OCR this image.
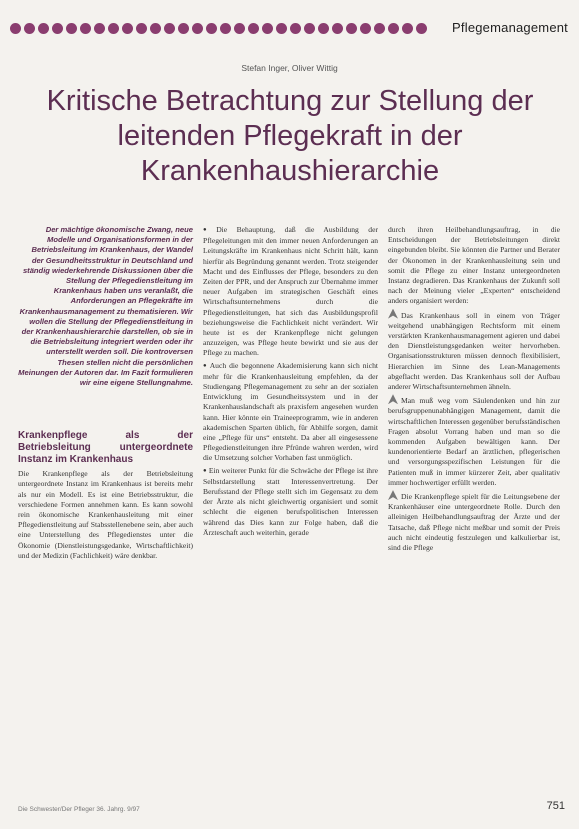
Pflegemanagement
Stefan Inger, Oliver Wittig
Kritische Betrachtung zur Stellung der leitenden Pflegekraft in der Krankenhaushierarchie

Der mächtige ökonomische Zwang, neue Modelle und Organisationsformen in der Betriebsleitung im Krankenhaus, der Wandel der Gesundheitsstruktur in Deutschland und ständig wiederkehrende Diskussionen über die Stellung der Pflegedienstleitung im Krankenhaus haben uns veranlaßt, die Anforderungen an Pflegekräfte im Krankenhausmanagement zu thematisieren. Wir wollen die Stellung der Pflegedienstleitung in der Krankenhaushierarchie darstellen, ob sie in die Betriebsleitung integriert werden oder ihr unterstellt werden soll. Die kontroversen Thesen stellen nicht die persönlichen Meinungen der Autoren dar. Im Fazit formulieren wir eine eigene Stellungnahme.

Krankenpflege als der Betriebsleitung untergeordnete Instanz im Krankenhaus

Die Krankenpflege als der Betriebsleitung untergeordnete Instanz im Krankenhaus ist bereits mehr als nur ein Modell. Es ist eine Betriebsstruktur, die verschiedene Formen annehmen kann. Es kann sowohl rein ökonomische Krankenhausleitung mit einer Pflegedienstleitung auf Stabsstellenebene sein, aber auch eine Unterstellung des Pflegedienstes unter die Ökonomie (Dienstleistungsgedanke, Wirtschaftlichkeit) und der Medizin (Fachlichkeit) wäre denkbar.

● Die Behauptung, daß die Ausbildung der Pflegeleitungen mit den immer neuen Anforderungen an Leitungskräfte im Krankenhaus nicht Schritt hält, kann hierfür als Begründung genannt werden. Trotz steigender Macht und des Einflusses der Pflege, besonders zu den Zeiten der PPR, und der Anspruch zur Übernahme immer neuer Aufgaben im strategischen Geschäft eines Wirtschaftsunternehmens durch die Pflegedienstleitungen, hat sich das Ausbildungsprofil beziehungsweise die Fachlichkeit nicht verändert. Wir heute ist es der Krankenpflege nicht gelungen anzuzeigen, was Pflege heute bewirkt und sie aus der Pflege zu machen.

● Auch die begonnene Akademisierung kann sich nicht mehr für die Krankenhausleitung empfehlen, da der Studiengang Pflegemanagement zu sehr an der sozialen Entwicklung im Gesundheitssystem und in der Krankenhauslandschaft als praxisfern angesehen wurden kann. Hier könnte ein Traineeprogramm, wie in anderen akademischen Sparten üblich, für Abhilfe sorgen, damit eine „Pflege für uns“ entsteht. Da aber all eingesessene Pflegedienstleitungen ihre Pfründe wahren werden, wird die Umsetzung solcher Vorhaben fast unmöglich.

● Ein weiterer Punkt für die Schwäche der Pflege ist ihre Selbstdarstellung statt Interessenvertretung. Der Berufsstand der Pflege stellt sich im Gegensatz zu dem der Ärzte als nicht gleichwertig organisiert und somit schlecht die eigenen berufspolitischen Interessen während das Dies kann zur Folge haben, daß die Ärzteschaft auch weiterhin, gerade

durch ihren Heilbehandlungsauftrag, in die Entscheidungen der Betriebsleitungen direkt eingebunden bleibt. Sie könnten die Partner und Berater der Ökonomen in der Krankenhausleitung sein und somit die Pflege zu einer Instanz untergeordneten Instanz degradieren. Das Krankenhaus der Zukunft soll nach der Meinung vieler „Experten“ entscheidend anders organisiert werden:

Das Krankenhaus soll in einem von Träger weitgehend unabhängigen Rechtsform mit einem verstärkten Krankenhausmanagement agieren und dabei den Dienstleistungsgedanken weiter hervorheben. Organisationsstrukturen müssen dennoch flexibilisiert, Hierarchien im Sinne des Lean-Managements abgeflacht werden. Das Krankenhaus soll der Aufbau anderer Wirtschaftsunternehmen ähneln.

Man muß weg vom Säulendenken und hin zur berufsgruppenunabhängigen Management, damit die wirtschaftlichen Interessen gegenüber berufsständischen Fragen absolut Vorrang haben und man so die kommenden Aufgaben bewältigen kann. Der kundenorientierte Bedarf an ärztlichen, pflegerischen und versorgungsspezifischen Leistungen für die Patienten muß in immer kürzerer Zeit, aber qualitativ immer hochwertiger erfüllt werden.

Die Krankenpflege spielt für die Leitungsebene der Krankenhäuser eine untergeordnete Rolle. Durch den alleinigen Heilbehandlungsauftrag der Ärzte und der Tatsache, daß Pflege nicht meßbar und somit der Preis auch nicht eindeutig festzulegen und kalkulierbar ist, sind die Pflege

Die Schwester/Der Pfleger 36. Jahrg. 9/97	751
